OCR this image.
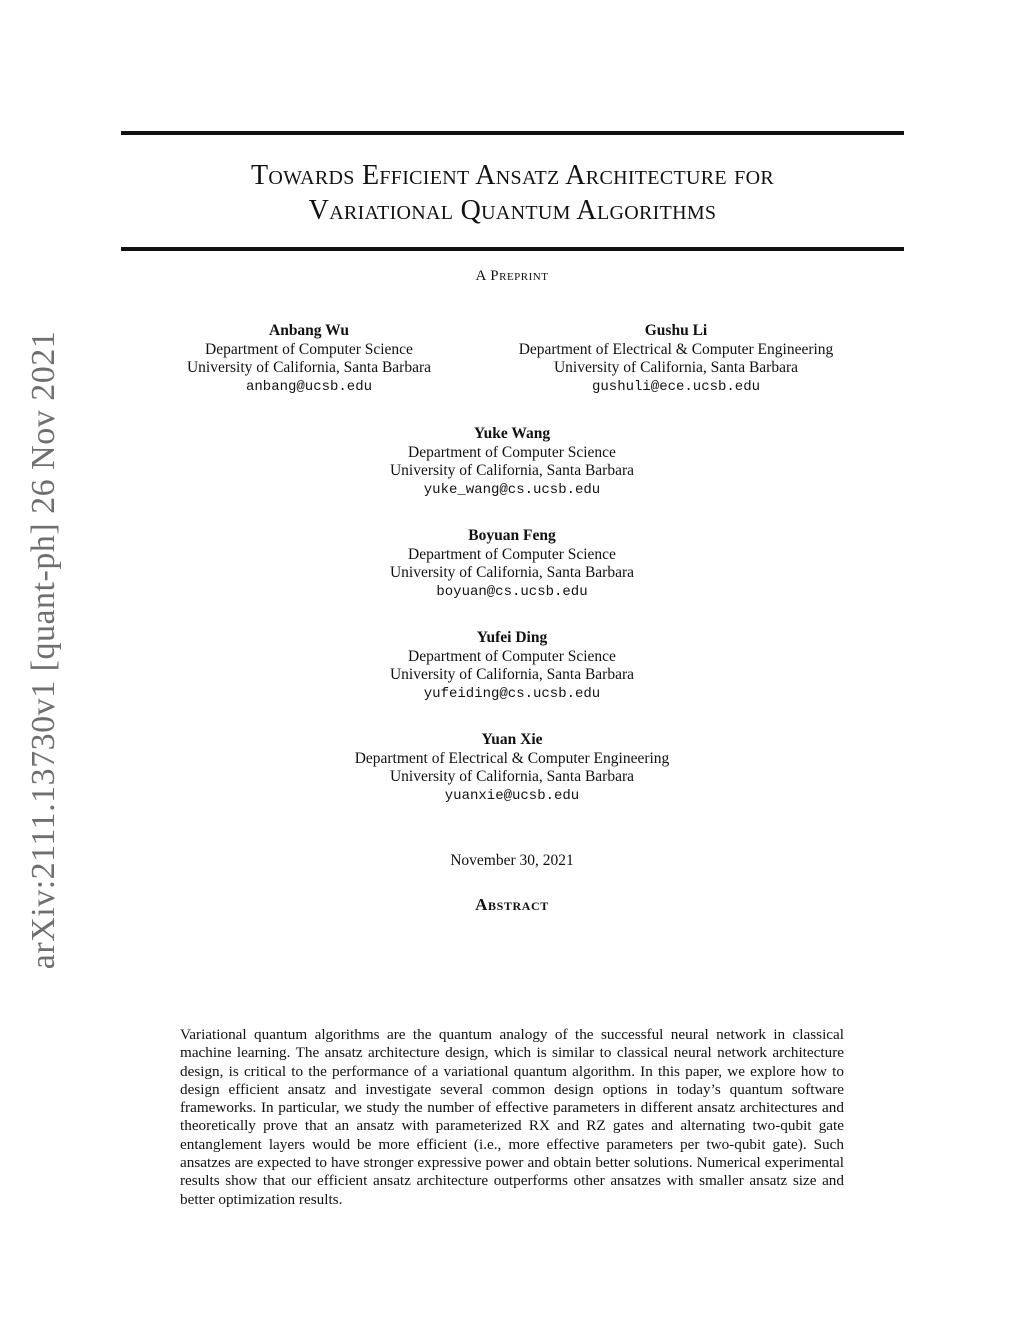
arXiv:2111.13730v1 [quant-ph] 26 Nov 2021
Towards Efficient Ansatz Architecture for
Variational Quantum Algorithms
A Preprint
Anbang Wu
Department of Computer Science
University of California, Santa Barbara
anbang@ucsb.edu
Gushu Li
Department of Electrical & Computer Engineering
University of California, Santa Barbara
gushuli@ece.ucsb.edu
Yuke Wang
Department of Computer Science
University of California, Santa Barbara
yuke_wang@cs.ucsb.edu
Boyuan Feng
Department of Computer Science
University of California, Santa Barbara
boyuan@cs.ucsb.edu
Yufei Ding
Department of Computer Science
University of California, Santa Barbara
yufeiding@cs.ucsb.edu
Yuan Xie
Department of Electrical & Computer Engineering
University of California, Santa Barbara
yuanxie@ucsb.edu
November 30, 2021
Abstract

Variational quantum algorithms are the quantum analogy of the successful neural network in classical machine learning. The ansatz architecture design, which is similar to classical neural network architecture design, is critical to the performance of a variational quantum algorithm. In this paper, we explore how to design efficient ansatz and investigate several common design options in today’s quantum software frameworks. In particular, we study the number of effective parameters in different ansatz architectures and theoretically prove that an ansatz with parameterized RX and RZ gates and alternating two-qubit gate entanglement layers would be more efficient (i.e., more effective parameters per two-qubit gate). Such ansatzes are expected to have stronger expressive power and obtain better solutions. Numerical experimental results show that our efficient ansatz architecture outperforms other ansatzes with smaller ansatz size and better optimization results.
